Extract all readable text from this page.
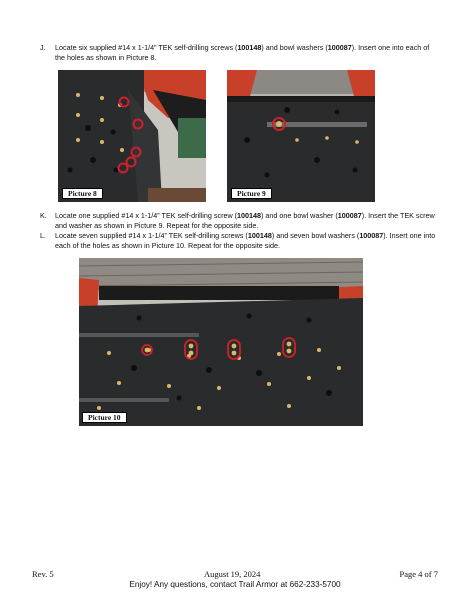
J. Locate six supplied #14 x 1-1/4” TEK self-drilling screws (100148) and bowl washers (100087). Insert one into each of the holes as shown in Picture 8.
Picture 8	Picture 9
K. Locate one supplied #14 x 1-1/4” TEK self-drilling screw (100148) and one bowl washer (100087). Insert the TEK screw and washer as shown in Picture 9. Repeat for the opposite side.
L. Locate seven supplied #14 x 1-1/4” TEK self-drilling screws (100148) and seven bowl washers (100087). Insert one into each of the holes as shown in Picture 10. Repeat for the opposite side.
Picture 10
Rev. 5	August 19, 2024	Page 4 of 7
Enjoy! Any questions, contact Trail Armor at 662-233-5700
